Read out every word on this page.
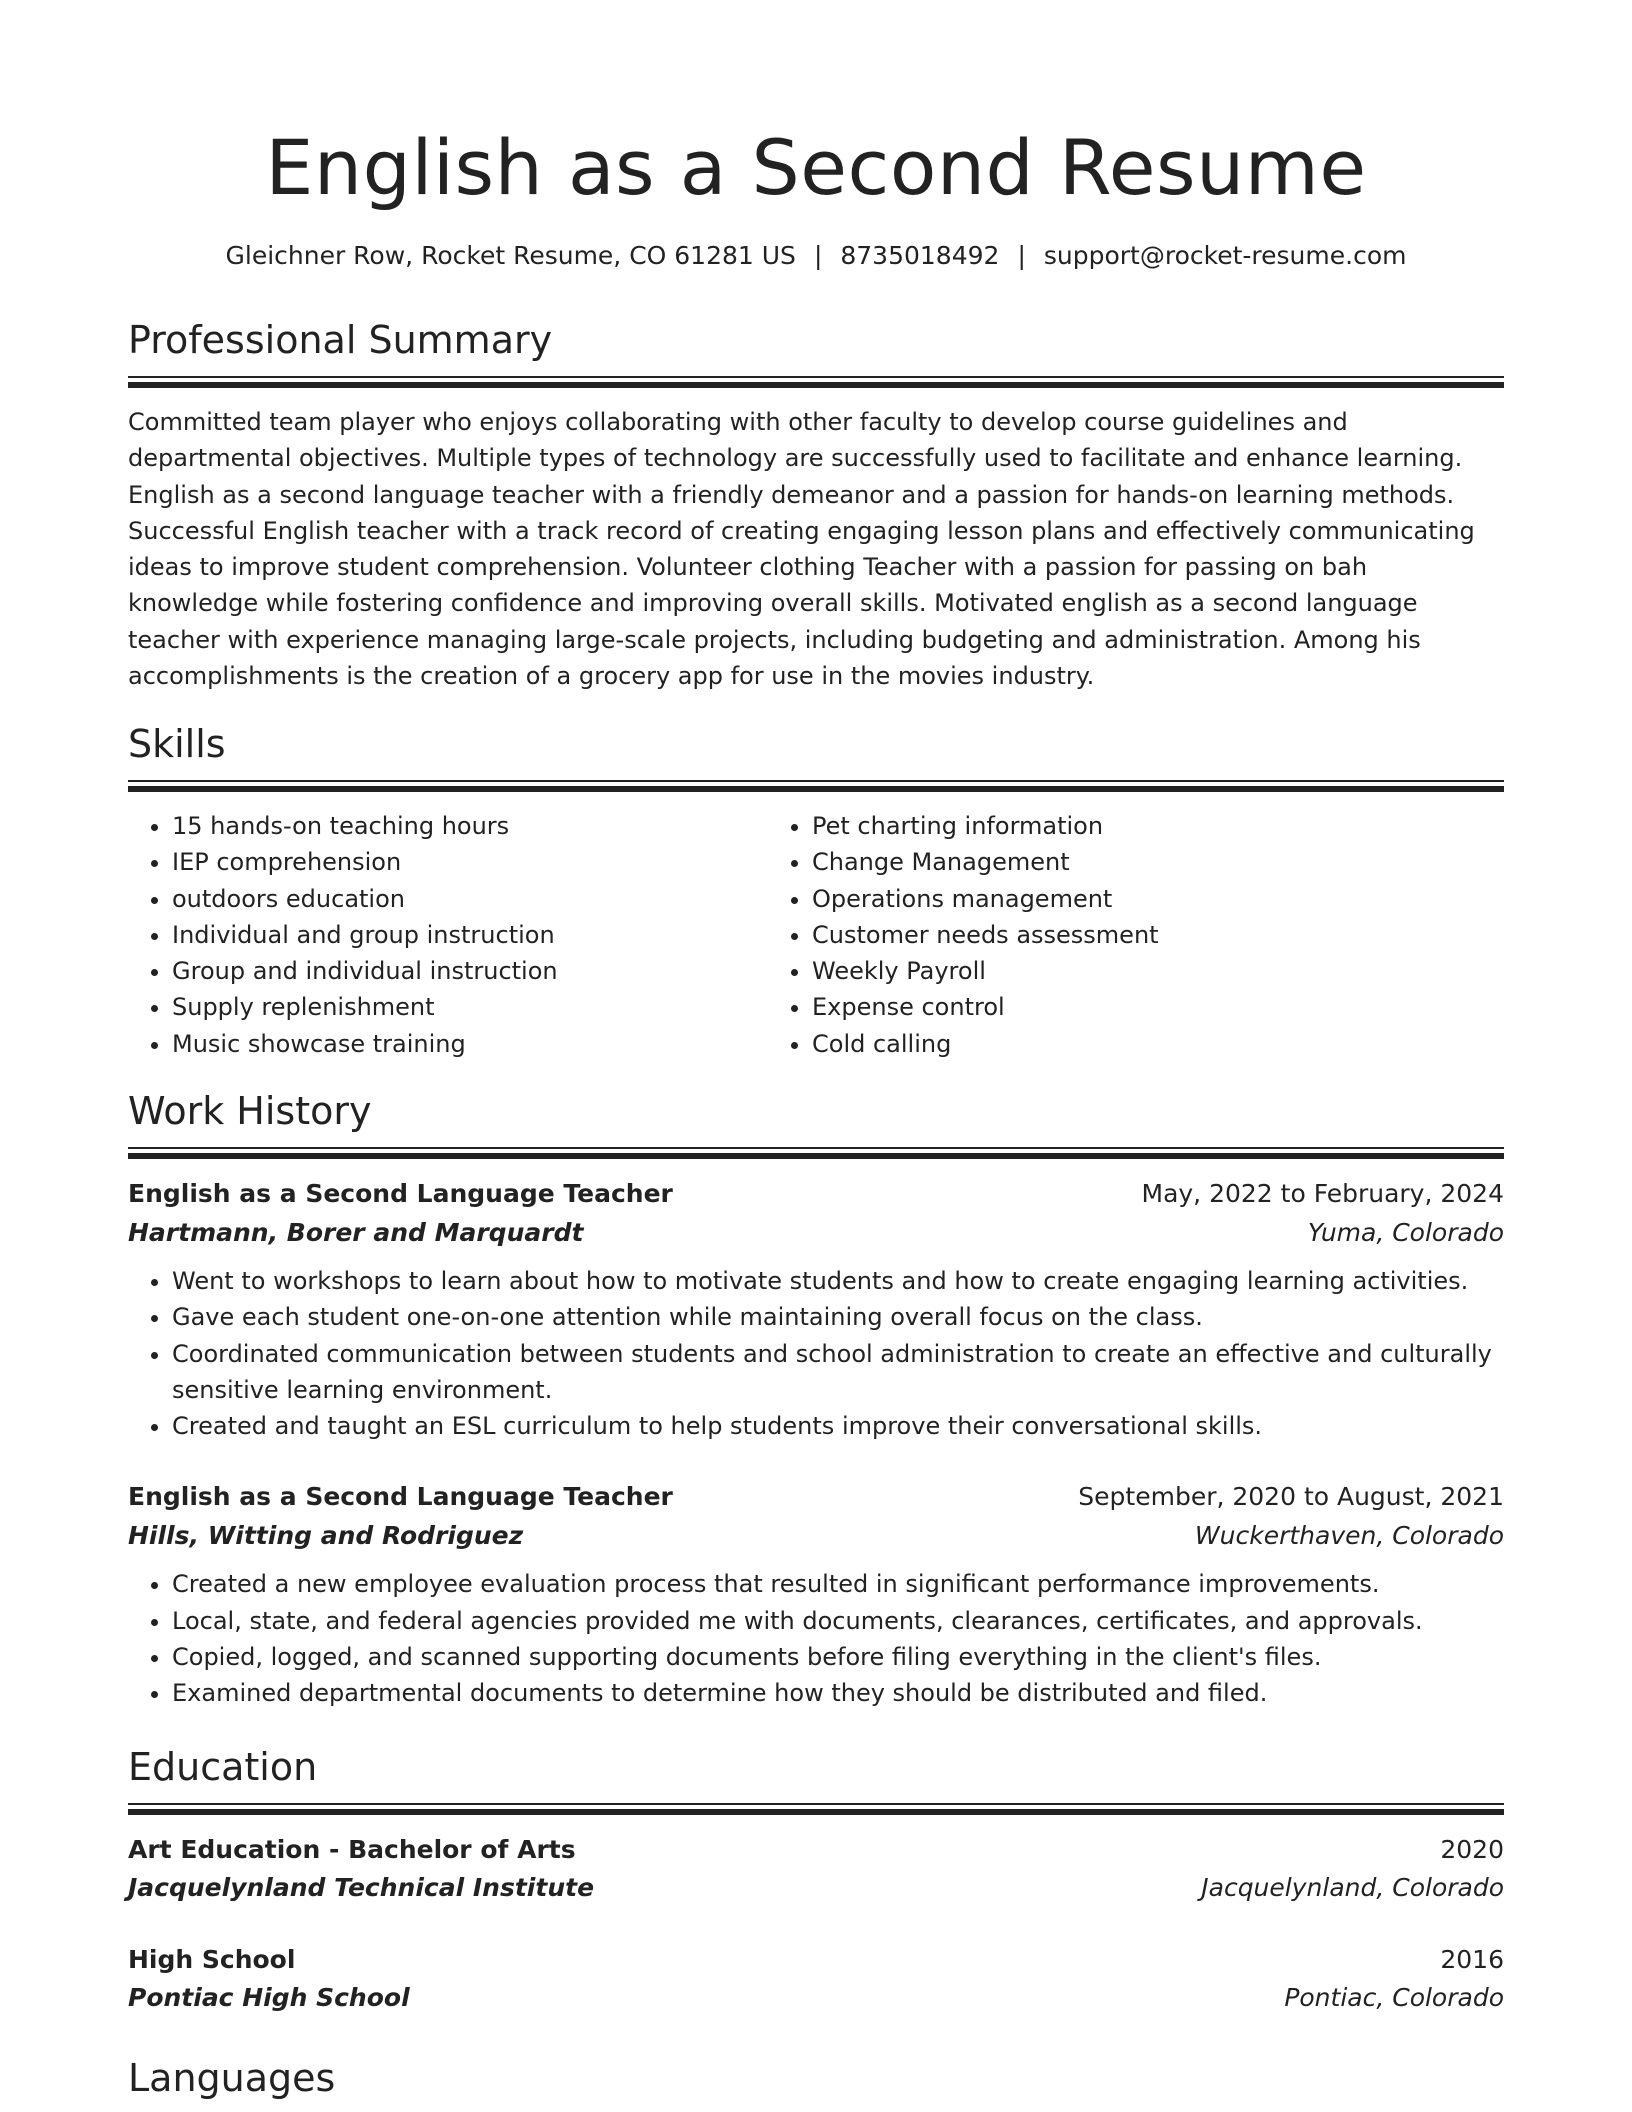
English as a Second Resume
Gleichner Row, Rocket Resume, CO 61281 US | 8735018492 | support@rocket-resume.com
Professional Summary

Committed team player who enjoys collaborating with other faculty to develop course guidelines and departmental objectives. Multiple types of technology are successfully used to facilitate and enhance learning. English as a second language teacher with a friendly demeanor and a passion for hands-on learning methods. Successful English teacher with a track record of creating engaging lesson plans and effectively communicating ideas to improve student comprehension. Volunteer clothing Teacher with a passion for passing on bah knowledge while fostering confidence and improving overall skills. Motivated english as a second language teacher with experience managing large-scale projects, including budgeting and administration. Among his accomplishments is the creation of a grocery app for use in the movies industry.

Skills
• 15 hands-on teaching hours
• IEP comprehension
• outdoors education
• Individual and group instruction
• Group and individual instruction
• Supply replenishment
• Music showcase training
• Pet charting information
• Change Management
• Operations management
• Customer needs assessment
• Weekly Payroll
• Expense control
• Cold calling
Work History
English as a Second Language Teacher	May, 2022 to February, 2024
Hartmann, Borer and Marquardt	Yuma, Colorado
• Went to workshops to learn about how to motivate students and how to create engaging learning activities.
• Gave each student one-on-one attention while maintaining overall focus on the class.
• Coordinated communication between students and school administration to create an effective and culturally sensitive learning environment.
• Created and taught an ESL curriculum to help students improve their conversational skills.
English as a Second Language Teacher	September, 2020 to August, 2021
Hills, Witting and Rodriguez	Wuckerthaven, Colorado
• Created a new employee evaluation process that resulted in significant performance improvements.
• Local, state, and federal agencies provided me with documents, clearances, certificates, and approvals.
• Copied, logged, and scanned supporting documents before filing everything in the client's files.
• Examined departmental documents to determine how they should be distributed and filed.
Education
Art Education - Bachelor of Arts	2020
Jacquelynland Technical Institute	Jacquelynland, Colorado
High School	2016
Pontiac High School	Pontiac, Colorado
Languages
